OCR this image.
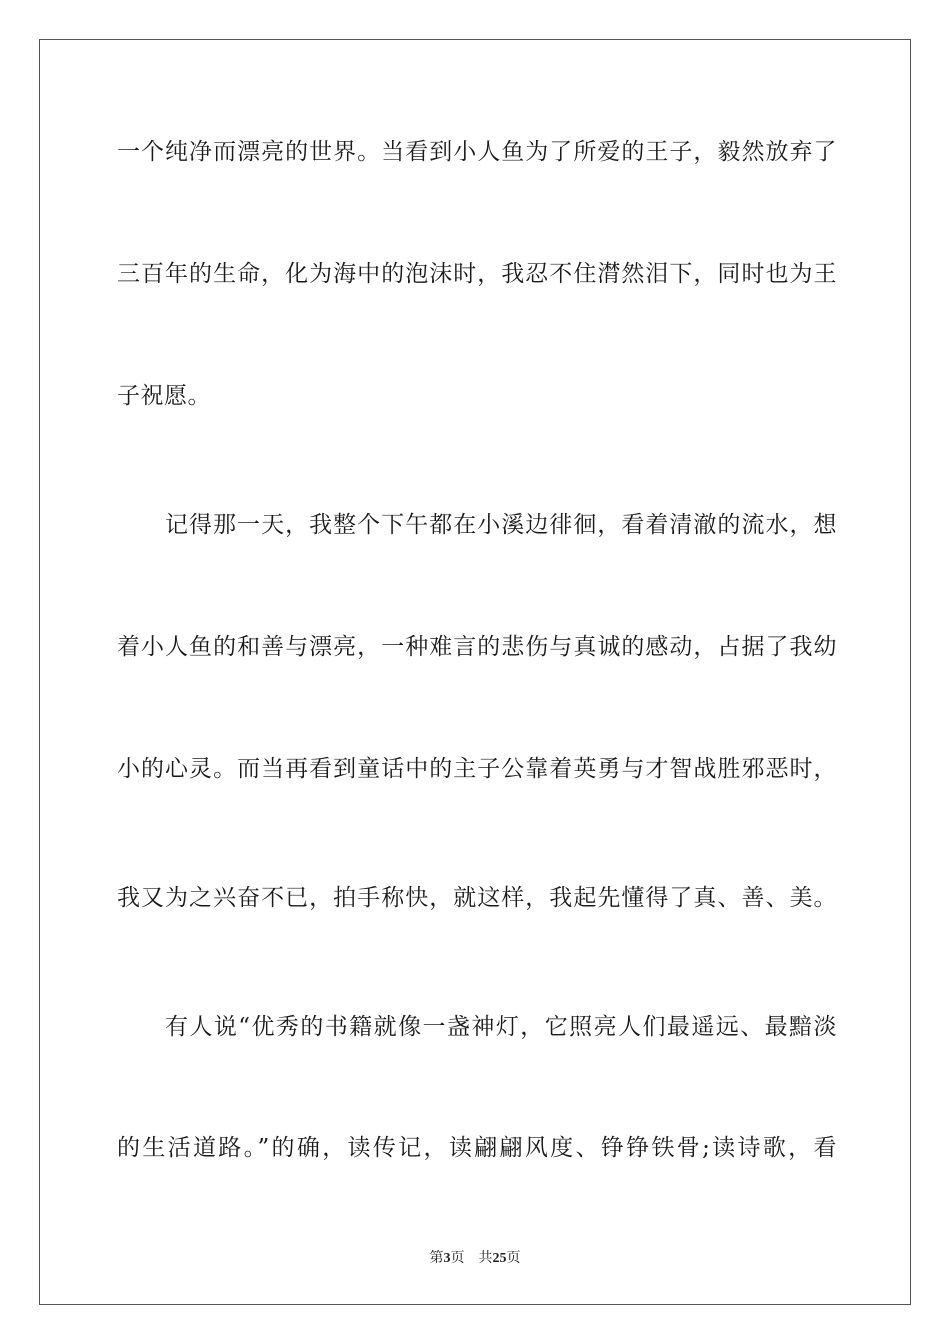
一个纯净而漂亮的世界。当看到小人鱼为了所爱的王子，毅然放弃了
三百年的生命，化为海中的泡沫时，我忍不住潸然泪下，同时也为王
子祝愿。
记得那一天，我整个下午都在小溪边徘徊，看着清澈的流水，想
着小人鱼的和善与漂亮，一种难言的悲伤与真诚的感动，占据了我幼
小的心灵。而当再看到童话中的主子公靠着英勇与才智战胜邪恶时，
我又为之兴奋不已，拍手称快，就这样，我起先懂得了真、善、美。
有人说“优秀的书籍就像一盏神灯，它照亮人们最遥远、最黯淡
的生活道路。”的确，读传记，读翩翩风度、铮铮铁骨;读诗歌，看
第3页 共25页
